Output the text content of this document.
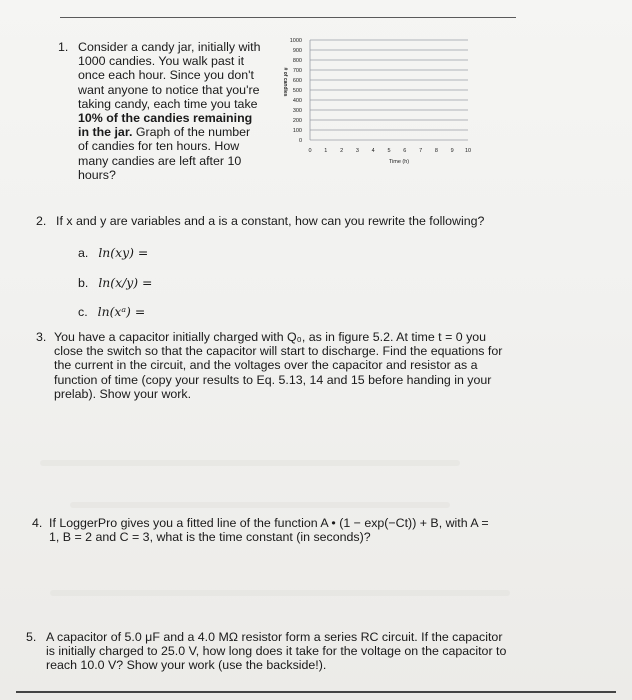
1. Consider a candy jar, initially with
1000 candies. You walk past it
once each hour. Since you don't
want anyone to notice that you're
taking candy, each time you take
10% of the candies remaining
in the jar. Graph of the number
of candies for ten hours. How
many candies are left after 10
hours?
0
100
200
300
400
500
600
700
800
900
1000
0 1 2 3 4 5 6 7 8 9 10
Time (h)
# of candies
2. If x and y are variables and a is a constant, how can you rewrite the following?
a. ln(xy) =
b. ln(x/y) =
c. ln(xᵃ) =
3. You have a capacitor initially charged with Q₀, as in figure 5.2. At time t = 0 you
close the switch so that the capacitor will start to discharge. Find the equations for
the current in the circuit, and the voltages over the capacitor and resistor as a
function of time (copy your results to Eq. 5.13, 14 and 15 before handing in your
prelab). Show your work.
4. If LoggerPro gives you a fitted line of the function A • (1 − exp(−Ct)) + B, with A =
1, B = 2 and C = 3, what is the time constant (in seconds)?
5. A capacitor of 5.0 μF and a 4.0 MΩ resistor form a series RC circuit. If the capacitor
is initially charged to 25.0 V, how long does it take for the voltage on the capacitor to
reach 10.0 V? Show your work (use the backside!).
